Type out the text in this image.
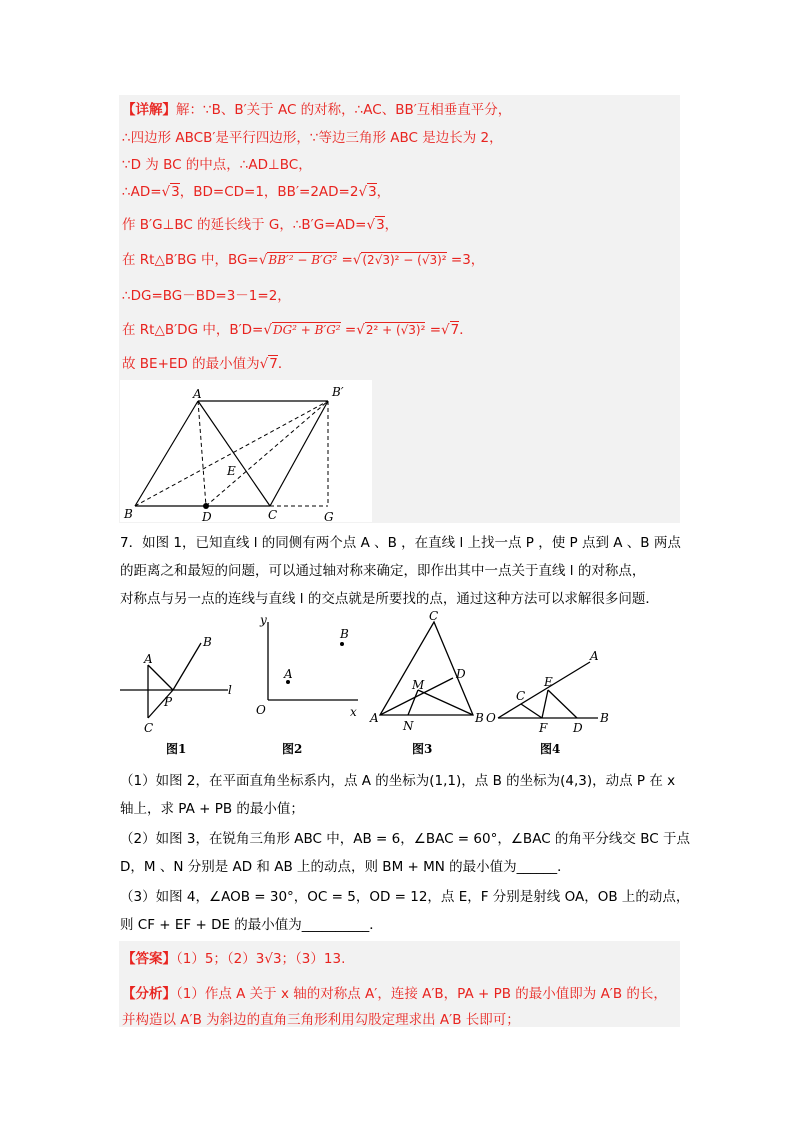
【详解】解：∵B、B′关于 AC 的对称，∴AC、BB′互相垂直平分，
∴四边形 ABCB′是平行四边形，∵等边三角形 ABC 是边长为 2，
∵D 为 BC 的中点，∴AD⊥BC，
∴AD=√3，BD=CD=1，BB′=2AD=2√3，
作 B′G⊥BC 的延长线于 G，∴B′G=AD=√3，
在 Rt△B′BG 中，BG=√BB′² − B′G² =√(2√3)² − (√3)² =3，
∴DG=BG－BD=3－1=2，
在 Rt△B′DG 中，B′D=√DG² + B′G² =√2² + (√3)² =√7．
故 BE+ED 的最小值为√7．
A	B′
E
B	D	C	G
7．如图 1，已知直线 l 的同侧有两个点 A 、B ，在直线 l 上找一点 P ，使 P 点到 A 、B 两点
的距离之和最短的问题，可以通过轴对称来确定，即作出其中一点关于直线 l 的对称点，
对称点与另一点的连线与直线 l 的交点就是所要找的点，通过这种方法可以求解很多问题．
A
B
P
C
l
y
B
A
O	x
C
D
M
A
N
B
A
E
C
O
F D
B
图1	图2	图3	图4
（1）如图 2，在平面直角坐标系内，点 A 的坐标为(1,1)，点 B 的坐标为(4,3)，动点 P 在 x
轴上，求 PA + PB 的最小值；
（2）如图 3，在锐角三角形 ABC 中，AB = 6，∠BAC = 60°，∠BAC 的角平分线交 BC 于点
D，M 、N 分别是 AD 和 AB 上的动点，则 BM + MN 的最小值为______．
（3）如图 4，∠AOB = 30°，OC = 5，OD = 12，点 E，F 分别是射线 OA，OB 上的动点，
则 CF + EF + DE 的最小值为__________．
【答案】（1）5；（2）3√3；（3）13.
【分析】（1）作点 A 关于 x 轴的对称点 A′，连接 A′B，PA + PB 的最小值即为 A′B 的长，
并构造以 A′B 为斜边的直角三角形利用勾股定理求出 A′B 长即可；
